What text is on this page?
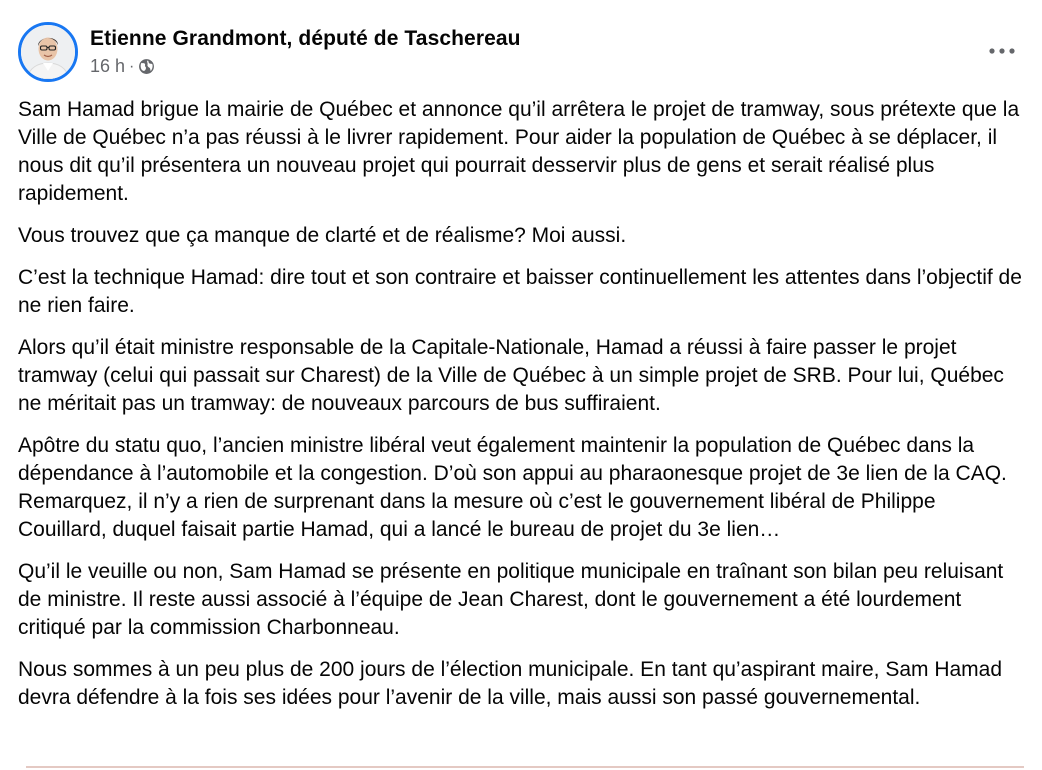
Etienne Grandmont, député de Taschereau
16 h ·

Sam Hamad brigue la mairie de Québec et annonce qu’il arrêtera le projet de tramway, sous prétexte que la Ville de Québec n’a pas réussi à le livrer rapidement. Pour aider la population de Québec à se déplacer, il nous dit qu’il présentera un nouveau projet qui pourrait desservir plus de gens et serait réalisé plus rapidement.

Vous trouvez que ça manque de clarté et de réalisme? Moi aussi.

C’est la technique Hamad: dire tout et son contraire et baisser continuellement les attentes dans l’objectif de ne rien faire.

Alors qu’il était ministre responsable de la Capitale-Nationale, Hamad a réussi à faire passer le projet tramway (celui qui passait sur Charest) de la Ville de Québec à un simple projet de SRB. Pour lui, Québec ne méritait pas un tramway: de nouveaux parcours de bus suffiraient.

Apôtre du statu quo, l’ancien ministre libéral veut également maintenir la population de Québec dans la dépendance à l’automobile et la congestion. D’où son appui au pharaonesque projet de 3e lien de la CAQ. Remarquez, il n’y a rien de surprenant dans la mesure où c’est le gouvernement libéral de Philippe Couillard, duquel faisait partie Hamad, qui a lancé le bureau de projet du 3e lien…

Qu’il le veuille ou non, Sam Hamad se présente en politique municipale en traînant son bilan peu reluisant de ministre. Il reste aussi associé à l’équipe de Jean Charest, dont le gouvernement a été lourdement critiqué par la commission Charbonneau.

Nous sommes à un peu plus de 200 jours de l’élection municipale. En tant qu’aspirant maire, Sam Hamad devra défendre à la fois ses idées pour l’avenir de la ville, mais aussi son passé gouvernemental.
